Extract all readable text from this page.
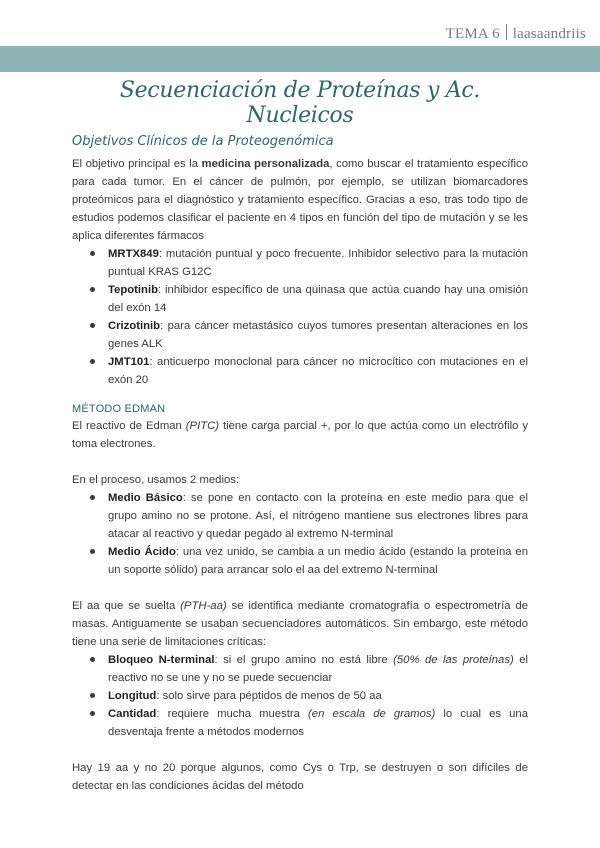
TEMA 6 laasaandriis
Secuenciación de Proteínas y Ac. Nucleicos
Objetivos Clínicos de la Proteogenómica

El objetivo principal es la medicina personalizada, como buscar el tratamiento específico para cada tumor. En el cáncer de pulmón, por ejemplo, se utilizan biomarcadores proteómicos para el diagnóstico y tratamiento específico. Gracias a eso, tras todo tipo de estudios podemos clasificar el paciente en 4 tipos en función del tipo de mutación y se les aplica diferentes fármacos

MRTX849: mutación puntual y poco frecuente. Inhibidor selectivo para la mutación puntual KRAS G12C
Tepotinib: inhibidor específico de una quinasa que actúa cuando hay una omisión del exón 14
Crizotinib: para cáncer metastásico cuyos tumores presentan alteraciones en los genes ALK
JMT101: anticuerpo monoclonal para cáncer no microcítico con mutaciones en el exón 20
MÉTODO EDMAN

El reactivo de Edman (PITC) tiene carga parcial +, por lo que actúa como un electrófilo y toma electrones.

En el proceso, usamos 2 medios:

Medio Básico: se pone en contacto con la proteína en este medio para que el grupo amino no se protone. Así, el nitrógeno mantiene sus electrones libres para atacar al reactivo y quedar pegado al extremo N-terminal
Medio Ácido: una vez unido, se cambia a un medio ácido (estando la proteína en un soporte sólido) para arrancar solo el aa del extremo N-terminal

El aa que se suelta (PTH-aa) se identifica mediante cromatografía o espectrometría de masas. Antiguamente se usaban secuenciadores automáticos. Sin embargo, este método tiene una serie de limitaciones críticas:

Bloqueo N-terminal: si el grupo amino no está libre (50% de las proteínas) el reactivo no se une y no se puede secuenciar
Longitud: solo sirve para péptidos de menos de 50 aa
Cantidad: requiere mucha muestra (en escala de gramos) lo cual es una desventaja frente a métodos modernos

Hay 19 aa y no 20 porque algunos, como Cys o Trp, se destruyen o son difíciles de detectar en las condiciones ácidas del método
